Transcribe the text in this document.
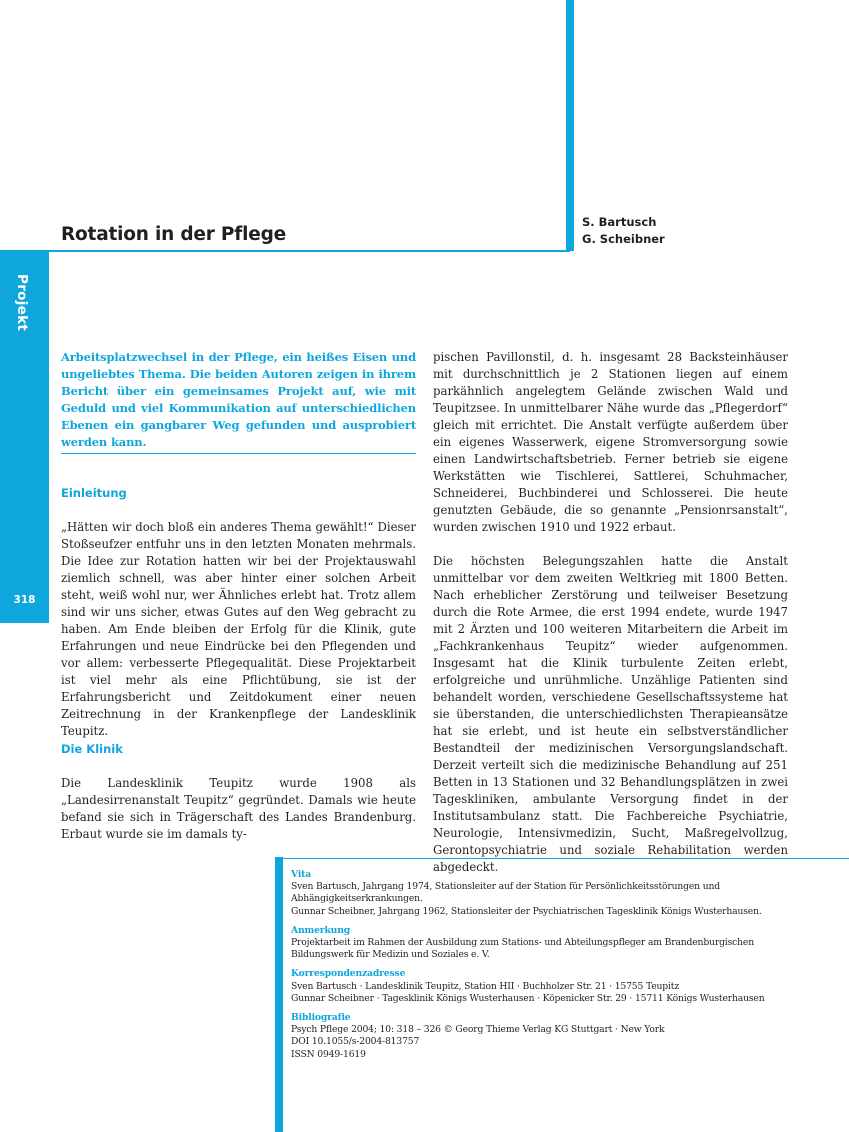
Rotation in der Pflege
S. Bartusch
G. Scheibner
Projekt
318

Arbeitsplatzwechsel in der Pflege, ein heißes Eisen und ungeliebtes Thema. Die beiden Autoren zeigen in ihrem Bericht über ein gemeinsames Projekt auf, wie mit Geduld und viel Kommunikation auf unterschiedlichen Ebenen ein gangbarer Weg gefunden und ausprobiert werden kann.

Einleitung

„Hätten wir doch bloß ein anderes Thema gewählt!“ Dieser Stoßseufzer entfuhr uns in den letzten Monaten mehrmals. Die Idee zur Rotation hatten wir bei der Projektauswahl ziemlich schnell, was aber hinter einer solchen Arbeit steht, weiß wohl nur, wer Ähnliches erlebt hat. Trotz allem sind wir uns sicher, etwas Gutes auf den Weg gebracht zu haben. Am Ende bleiben der Erfolg für die Klinik, gute Erfahrungen und neue Eindrücke bei den Pflegenden und vor allem: verbesserte Pflegequalität. Diese Projektarbeit ist viel mehr als eine Pflichtübung, sie ist der Erfahrungsbericht und Zeitdokument einer neuen Zeitrechnung in der Krankenpflege der Landesklinik Teupitz.

Die Klinik

Die Landesklinik Teupitz wurde 1908 als „Landesirrenanstalt Teupitz“ gegründet. Damals wie heute befand sie sich in Trägerschaft des Landes Brandenburg. Erbaut wurde sie im damals ty-

pischen Pavillonstil, d. h. insgesamt 28 Backsteinhäuser mit durchschnittlich je 2 Stationen liegen auf einem parkähnlich angelegtem Gelände zwischen Wald und Teupitzsee. In unmittelbarer Nähe wurde das „Pflegerdorf“ gleich mit errichtet. Die Anstalt verfügte außerdem über ein eigenes Wasserwerk, eigene Stromversorgung sowie einen Landwirtschaftsbetrieb. Ferner betrieb sie eigene Werkstätten wie Tischlerei, Sattlerei, Schuhmacher, Schneiderei, Buchbinderei und Schlosserei. Die heute genutzten Gebäude, die so genannte „Pensionrsanstalt“, wurden zwischen 1910 und 1922 erbaut.

Die höchsten Belegungszahlen hatte die Anstalt unmittelbar vor dem zweiten Weltkrieg mit 1800 Betten. Nach erheblicher Zerstörung und teilweiser Besetzung durch die Rote Armee, die erst 1994 endete, wurde 1947 mit 2 Ärzten und 100 weiteren Mitarbeitern die Arbeit im „Fachkrankenhaus Teupitz“ wieder aufgenommen. Insgesamt hat die Klinik turbulente Zeiten erlebt, erfolgreiche und unrühmliche. Unzählige Patienten sind behandelt worden, verschiedene Gesellschaftssysteme hat sie überstanden, die unterschiedlichsten Therapieansätze hat sie erlebt, und ist heute ein selbstverständlicher Bestandteil der medizinischen Versorgungslandschaft. Derzeit verteilt sich die medizinische Behandlung auf 251 Betten in 13 Stationen und 32 Behandlungsplätzen in zwei Tageskliniken, ambulante Versorgung findet in der Institutsambulanz statt. Die Fachbereiche Psychiatrie, Neurologie, Intensivmedizin, Sucht, Maßregelvollzug, Gerontopsychiatrie und soziale Rehabilitation werden abgedeckt.

Vita
Sven Bartusch, Jahrgang 1974, Stationsleiter auf der Station für Persönlichkeitsstörungen und
Abhängigkeitserkrankungen.
Gunnar Scheibner, Jahrgang 1962, Stationsleiter der Psychiatrischen Tagesklinik Königs Wusterhausen.
Anmerkung
Projektarbeit im Rahmen der Ausbildung zum Stations- und Abteilungspfleger am Brandenburgischen
Bildungswerk für Medizin und Soziales e. V.
Korrespondenzadresse
Sven Bartusch · Landesklinik Teupitz, Station HII · Buchholzer Str. 21 · 15755 Teupitz
Gunnar Scheibner · Tagesklinik Königs Wusterhausen · Köpenicker Str. 29 · 15711 Königs Wusterhausen
Bibliografie
Psych Pflege 2004; 10: 318 – 326 © Georg Thieme Verlag KG Stuttgart · New York
DOI 10.1055/s-2004-813757
ISSN 0949-1619
